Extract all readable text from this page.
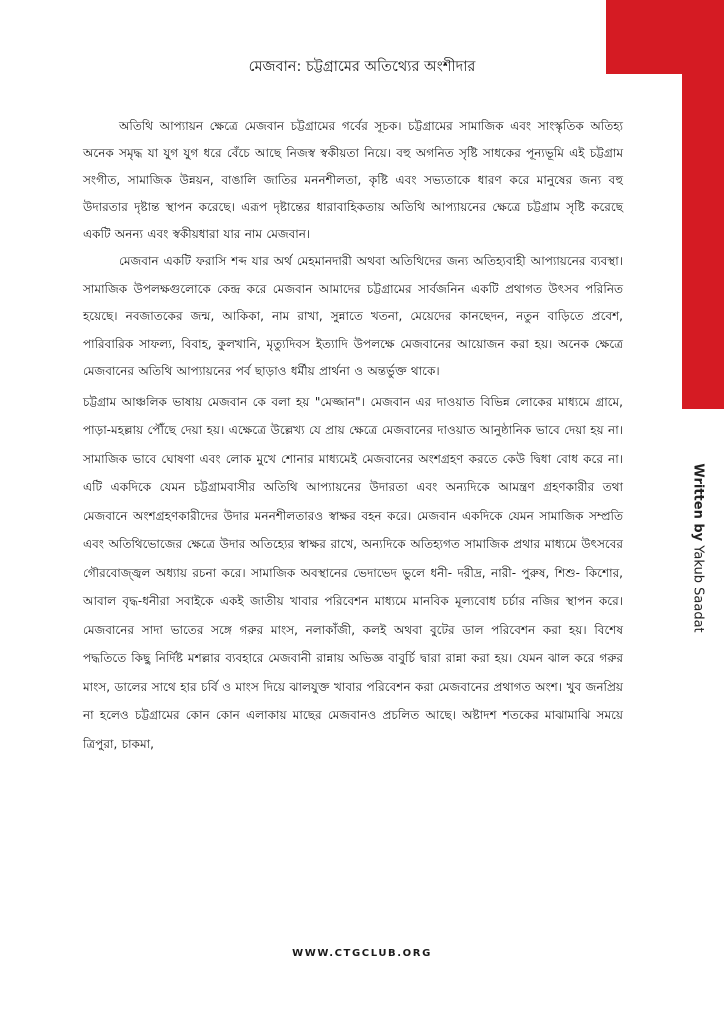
মেজবান: চট্টগ্রামের অতিথ্যের অংশীদার

অতিথি আপ্যায়ন ক্ষেত্রে মেজবান চট্টগ্রামের গর্বের সূচক। চট্টগ্রামের সামাজিক এবং সাংস্কৃতিক অতিহ্য অনেক সমৃদ্ধ যা যুগ যুগ ধরে বেঁচে আছে নিজস্ব স্বকীয়তা নিয়ে। বহু অগনিত সৃষ্টি সাধকের পূন্যভূমি এই চট্টগ্রাম সংগীত, সামাজিক উন্নয়ন, বাঙালি জাতির মননশীলতা, কৃষ্টি এবং সভ্যতাকে ধারণ করে মানুষের জন্য বহু উদারতার দৃষ্টান্ত স্থাপন করেছে। এরূপ দৃষ্টান্তের ধারাবাহিকতায় অতিথি আপ্যায়নের ক্ষেত্রে চট্টগ্রাম সৃষ্টি করেছে একটি অনন্য এবং স্বকীয়ধারা যার নাম মেজবান।

মেজবান একটি ফরাসি শব্দ যার অর্থ মেহমানদারী অথবা অতিথিদের জন্য অতিহ্যবাহী আপ্যায়নের ব্যবস্থা। সামাজিক উপলক্ষগুলোকে কেন্দ্র করে মেজবান আমাদের চট্টগ্রামের সার্বজনিন একটি প্রথাগত উৎসব পরিনিত হয়েছে। নবজাতকের জন্ম, আকিকা, নাম রাখা, সুন্নাতে খতনা, মেয়েদের কানছেদন, নতুন বাড়িতে প্রবেশ, পারিবারিক সাফল্য, বিবাহ, কুলখানি, মৃত্যুদিবস ইত্যাদি উপলক্ষে মেজবানের আয়োজন করা হয়। অনেক ক্ষেত্রে মেজবানের অতিথি আপ্যায়নের পর্ব ছাড়াও ধর্মীয় প্রার্থনা ও অন্তর্ভুক্ত থাকে।

চট্টগ্রাম আঞ্চলিক ভাষায় মেজবান কে বলা হয় "মেজ্জান"। মেজবান এর দাওয়াত বিভিন্ন লোকের মাধ্যমে গ্রামে, পাড়া-মহল্লায় পৌঁছে দেয়া হয়। এক্ষেত্রে উল্লেখ্য যে প্রায় ক্ষেত্রে মেজবানের দাওয়াত আনুষ্ঠানিক ভাবে দেয়া হয় না। সামাজিক ভাবে ঘোষণা এবং লোক মুখে শোনার মাধ্যমেই মেজবানের অংশগ্রহণ করতে কেউ দ্বিধা বোধ করে না। এটি একদিকে যেমন চট্টগ্রামবাসীর অতিথি আপ্যায়নের উদারতা এবং অন্যদিকে আমন্ত্রণ গ্রহণকারীর তথা মেজবানে অংশগ্রহণকারীদের উদার মননশীলতারও স্বাক্ষর বহন করে। মেজবান একদিকে যেমন সামাজিক সম্প্রতি এবং অতিথিভোজের ক্ষেত্রে উদার অতিহ্যের স্বাক্ষর রাখে, অন্যদিকে অতিহ্যগত সামাজিক প্রথার মাধ্যমে উৎসবের গৌরবোজ্জ্বল অধ্যায় রচনা করে। সামাজিক অবস্থানের ভেদাভেদ ভুলে ধনী- দরীদ্র, নারী- পুরুষ, শিশু- কিশোর, আবাল বৃদ্ধ-ধনীরা সবাইকে একই জাতীয় খাবার পরিবেশন মাধ্যমে মানবিক মূল্যবোধ চর্চার নজির স্থাপন করে। মেজবানের সাদা ভাতের সঙ্গে গরুর মাংস, নলাকাঁজী, কলই অথবা বুটের ডাল পরিবেশন করা হয়। বিশেষ পদ্ধতিতে কিছু নির্দিষ্ট মশল্লার ব্যবহারে মেজবানী রান্নায় অভিজ্ঞ বাবুর্চি দ্বারা রান্না করা হয়। যেমন ঝাল করে গরুর মাংস, ডালের সাথে হার চর্বি ও মাংস দিয়ে ঝালযুক্ত খাবার পরিবেশন করা মেজবানের প্রথাগত অংশ। খুব জনপ্রিয় না হলেও চট্টগ্রামের কোন কোন এলাকায় মাছের মেজবানও প্রচলিত আছে। অষ্টাদশ শতকের মাঝামাঝি সময়ে ত্রিপুরা, চাকমা,

Written by Yakub Saadat
WWW.CTGCLUB.ORG
